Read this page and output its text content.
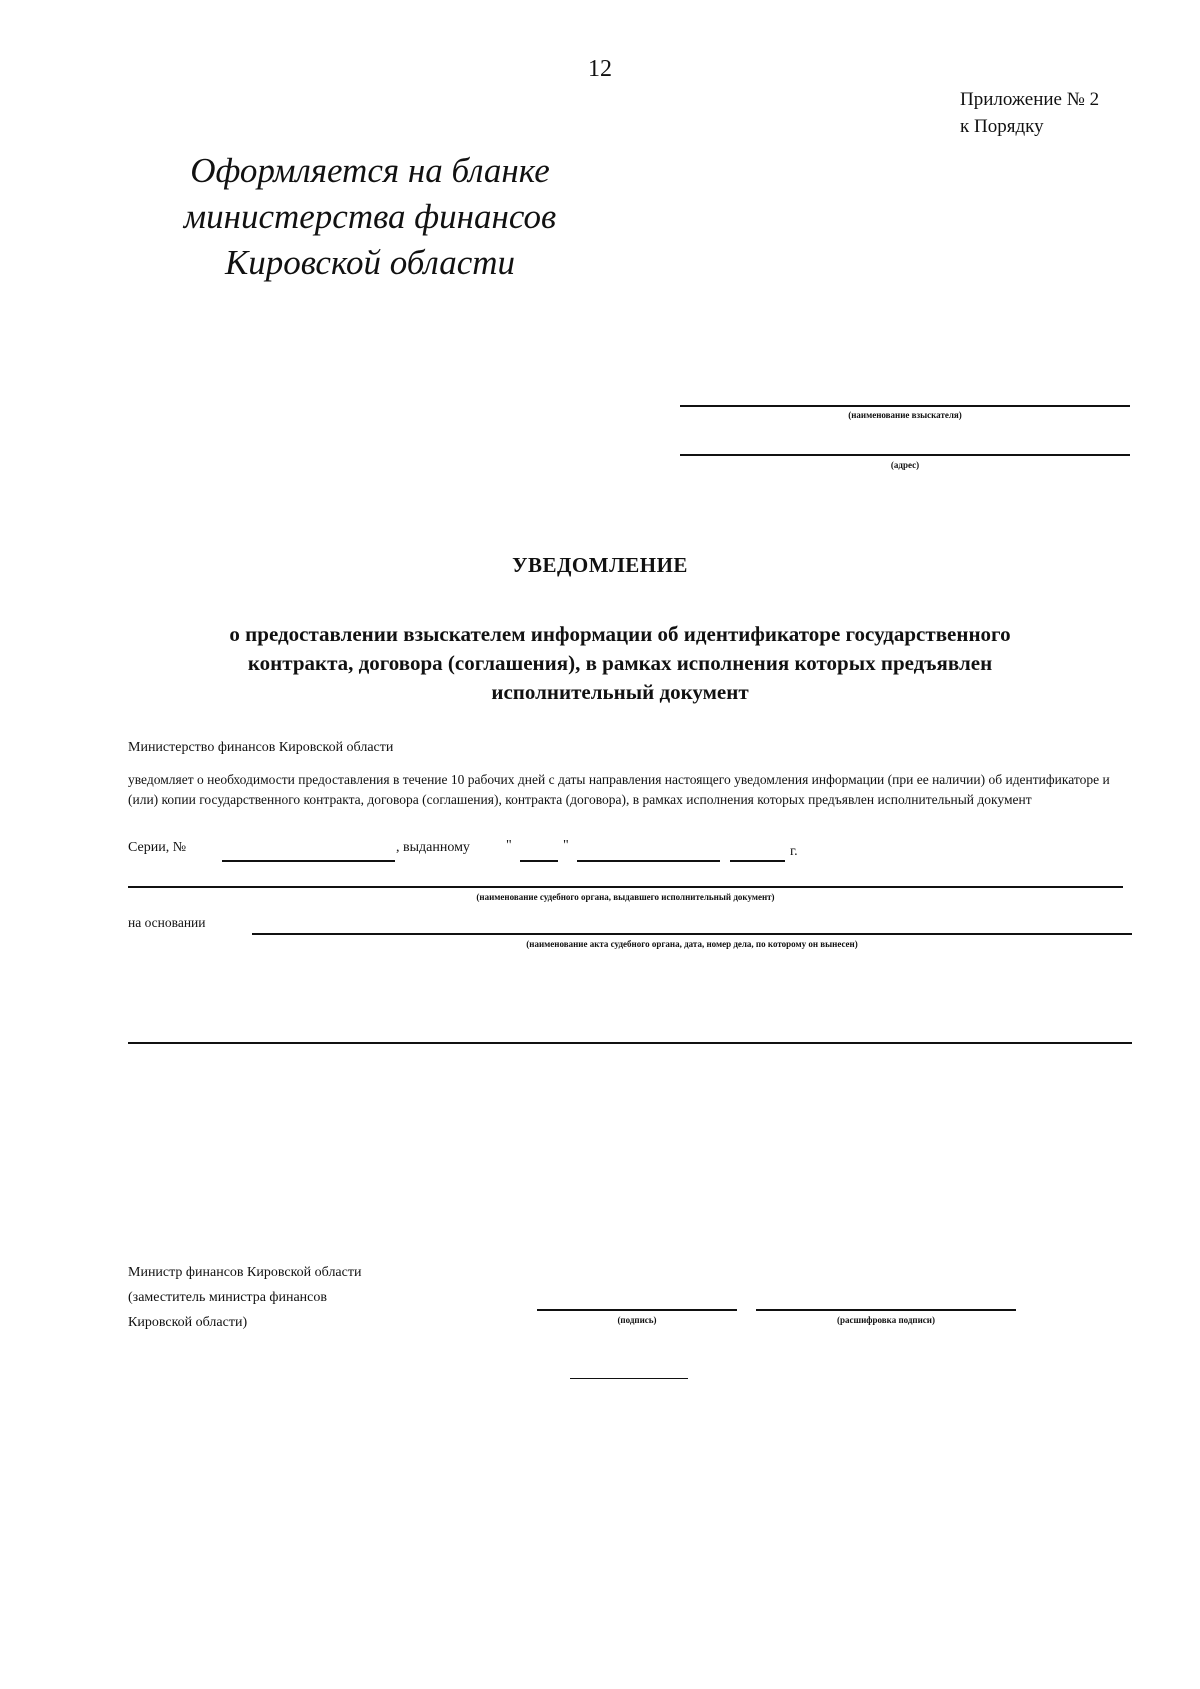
12
Приложение № 2
к Порядку
Оформляется на бланке
министерства финансов
Кировской области
(наименование взыскателя)
(адрес)
УВЕДОМЛЕНИЕ
о предоставлении взыскателем информации об идентификаторе государственного
контракта, договора (соглашения), в рамках исполнения которых предъявлен
исполнительный документ
Министерство финансов Кировской области
уведомляет о необходимости предоставления в течение 10 рабочих дней с даты направления настоящего уведомления информации (при ее наличии) об идентификаторе и (или) копии государственного контракта, договора (соглашения), контракта (договора), в рамках исполнения которых предъявлен исполнительный документ
Серии, №	, выданному	"	"	г.
(наименование судебного органа, выдавшего исполнительный документ)
на основании
(наименование акта судебного органа, дата, номер дела, по которому он вынесен)
Министр финансов Кировской области
(заместитель министра финансов
Кировской области)	(подпись)	(расшифровка подписи)
